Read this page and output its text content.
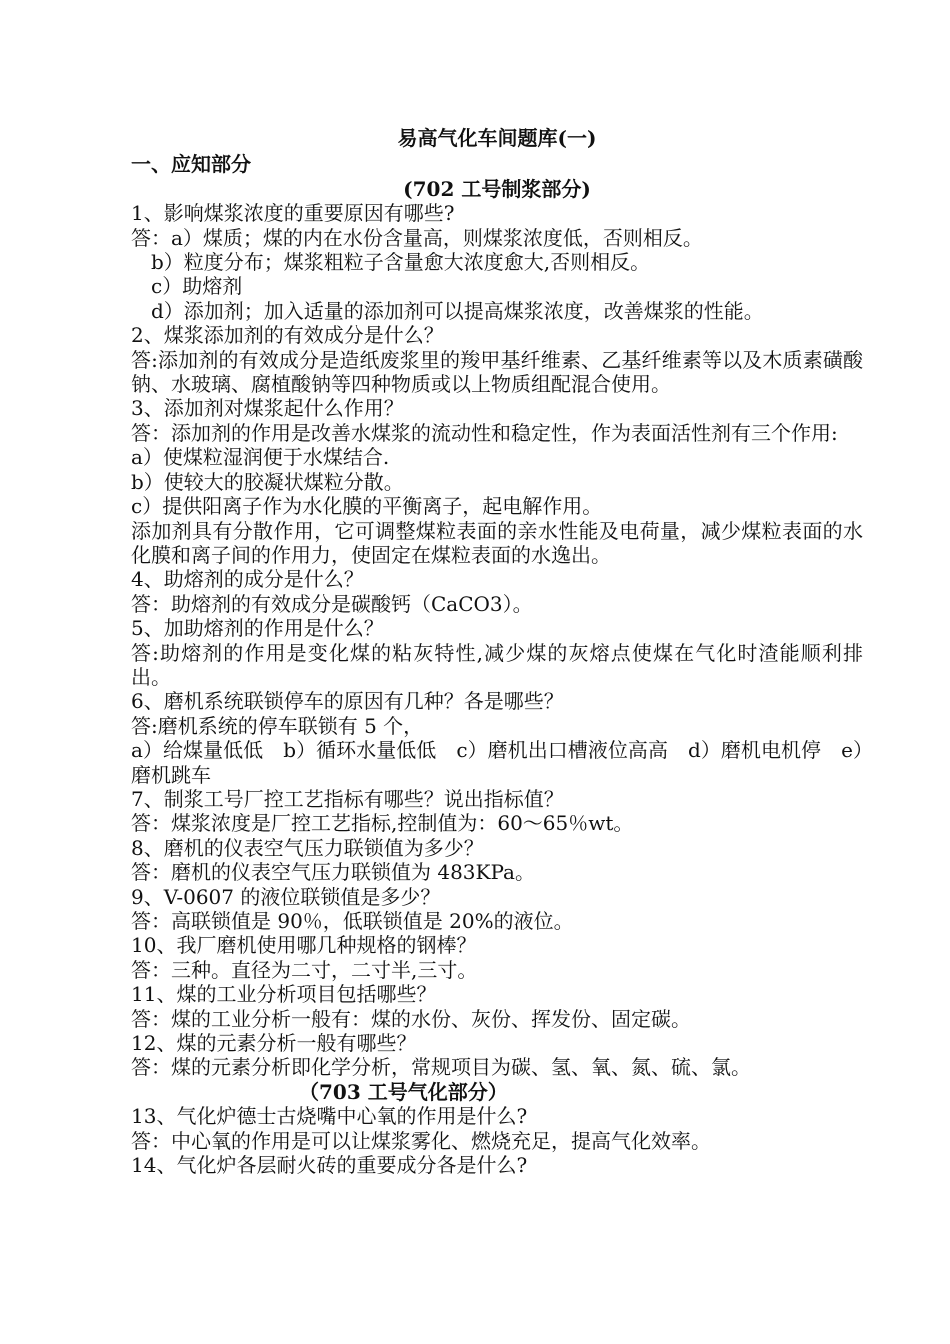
易高气化车间题库(一)
一、应知部分
(702 工号制浆部分)
1、影响煤浆浓度的重要原因有哪些?
答：a）煤质；煤的内在水份含量高，则煤浆浓度低，否则相反。
b）粒度分布；煤浆粗粒子含量愈大浓度愈大,否则相反。
c）助熔剂
d）添加剂；加入适量的添加剂可以提高煤浆浓度，改善煤浆的性能。
2、煤浆添加剂的有效成分是什么？
答:添加剂的有效成分是造纸废浆里的羧甲基纤维素、乙基纤维素等以及木质素磺酸钠、水玻璃、腐植酸钠等四种物质或以上物质组配混合使用。
3、添加剂对煤浆起什么作用？
答：添加剂的作用是改善水煤浆的流动性和稳定性，作为表面活性剂有三个作用:
a）使煤粒湿润便于水煤结合.
b）使较大的胶凝状煤粒分散。
c）提供阳离子作为水化膜的平衡离子，起电解作用。
添加剂具有分散作用，它可调整煤粒表面的亲水性能及电荷量，减少煤粒表面的水化膜和离子间的作用力，使固定在煤粒表面的水逸出。
4、助熔剂的成分是什么？
答：助熔剂的有效成分是碳酸钙（CaCO3）。
5、加助熔剂的作用是什么？
答:助熔剂的作用是变化煤的粘灰特性,减少煤的灰熔点使煤在气化时渣能顺利排出。
6、磨机系统联锁停车的原因有几种？各是哪些？
答:磨机系统的停车联锁有 5 个，
a）给煤量低低　b）循环水量低低　c）磨机出口槽液位高高　d）磨机电机停　e）磨机跳车
7、制浆工号厂控工艺指标有哪些？说出指标值？
答：煤浆浓度是厂控工艺指标,控制值为：60～65％wt。
8、磨机的仪表空气压力联锁值为多少？
答：磨机的仪表空气压力联锁值为 483KPa。
9、V-0607 的液位联锁值是多少？
答：高联锁值是 90％，低联锁值是 20%的液位。
10、我厂磨机使用哪几种规格的钢棒？
答：三种。直径为二寸，二寸半,三寸。
11、煤的工业分析项目包括哪些？
答：煤的工业分析一般有：煤的水份、灰份、挥发份、固定碳。
12、煤的元素分析一般有哪些？
答：煤的元素分析即化学分析，常规项目为碳、氢、氧、氮、硫、氯。
（703 工号气化部分）
13、气化炉德士古烧嘴中心氧的作用是什么?
答：中心氧的作用是可以让煤浆雾化、燃烧充足，提高气化效率。
14、气化炉各层耐火砖的重要成分各是什么?
